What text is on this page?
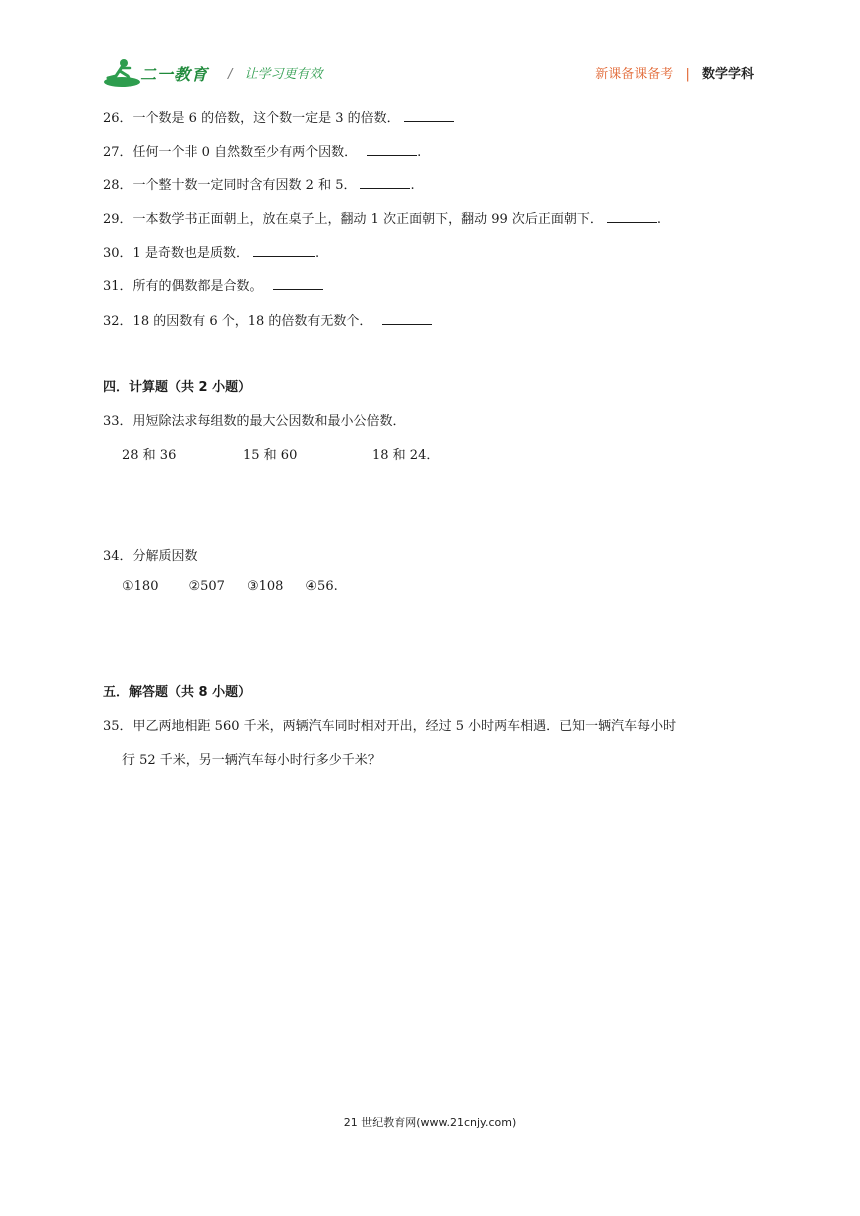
二一教育 / 让学习更有效	新课备课备考 | 数学学科
26．一个数是 6 的倍数，这个数一定是 3 的倍数．
27．任何一个非 0 自然数至少有两个因数．	.
28．一个整十数一定同时含有因数 2 和 5．	.
29．一本数学书正面朝上，放在桌子上，翻动 1 次正面朝下，翻动 99 次后正面朝下．	.
30．1 是奇数也是质数．	.
31．所有的偶数都是合数。
32．18 的因数有 6 个，18 的倍数有无数个．
四．计算题（共 2 小题）
33．用短除法求每组数的最大公因数和最小公倍数．
28 和 36	15 和 60	18 和 24．
34．分解质因数
①180 ②507 ③108 ④56.
五．解答题（共 8 小题）
35．甲乙两地相距 560 千米，两辆汽车同时相对开出，经过 5 小时两车相遇．已知一辆汽车每小时
行 52 千米，另一辆汽车每小时行多少千米？
21 世纪教育网(www.21cnjy.com)
